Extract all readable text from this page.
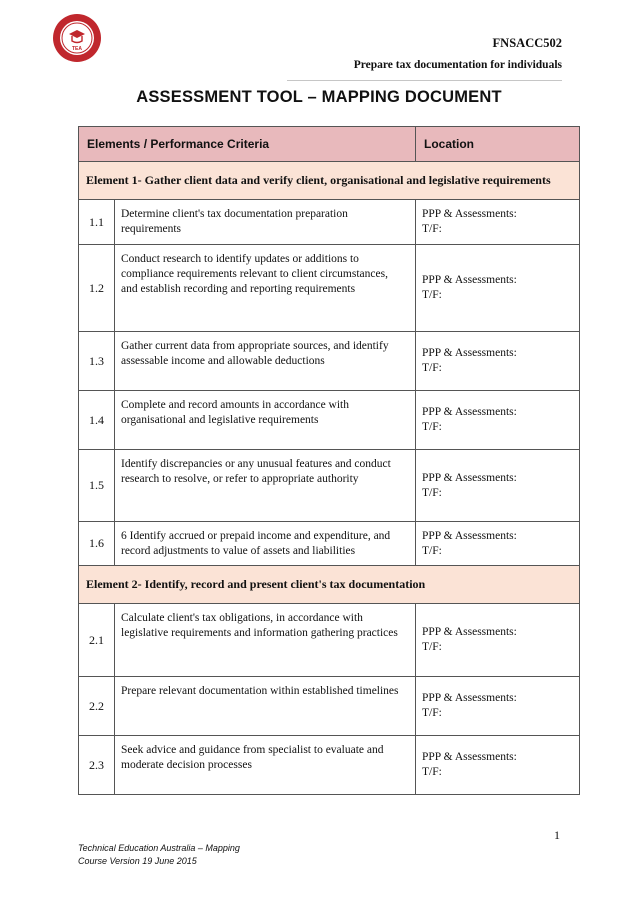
TEA	FNSACC502
Prepare tax documentation for individuals
ASSESSMENT TOOL – MAPPING DOCUMENT
Elements / Performance Criteria		Location
Element 1- Gather client data and verify client, organisational and legislative requirements		
1.1	Determine client's tax documentation preparation requirements	PPP & Assessments:
T/F:

1.2	Conduct research to identify updates or additions to compliance requirements relevant to client circumstances, and establish recording and reporting requirements	PPP & Assessments:
T/F:

1.3	Gather current data from appropriate sources, and identify assessable income and allowable deductions	PPP & Assessments:
T/F:

1.4	Complete and record amounts in accordance with organisational and legislative requirements	PPP & Assessments:
T/F:

1.5	Identify discrepancies or any unusual features and conduct research to resolve, or refer to appropriate authority	PPP & Assessments:
T/F:

1.6	6 Identify accrued or prepaid income and expenditure, and record adjustments to value of assets and liabilities	PPP & Assessments:
T/F:

Element 2- Identify, record and present client's tax documentation		
2.1	Calculate client's tax obligations, in accordance with legislative requirements and information gathering practices	PPP & Assessments:
T/F:

2.2	Prepare relevant documentation within established timelines	PPP & Assessments:
T/F:

2.3	Seek advice and guidance from specialist to evaluate and moderate decision processes	PPP & Assessments:
T/F:
1
Technical Education Australia – Mapping
Course Version 19 June 2015
